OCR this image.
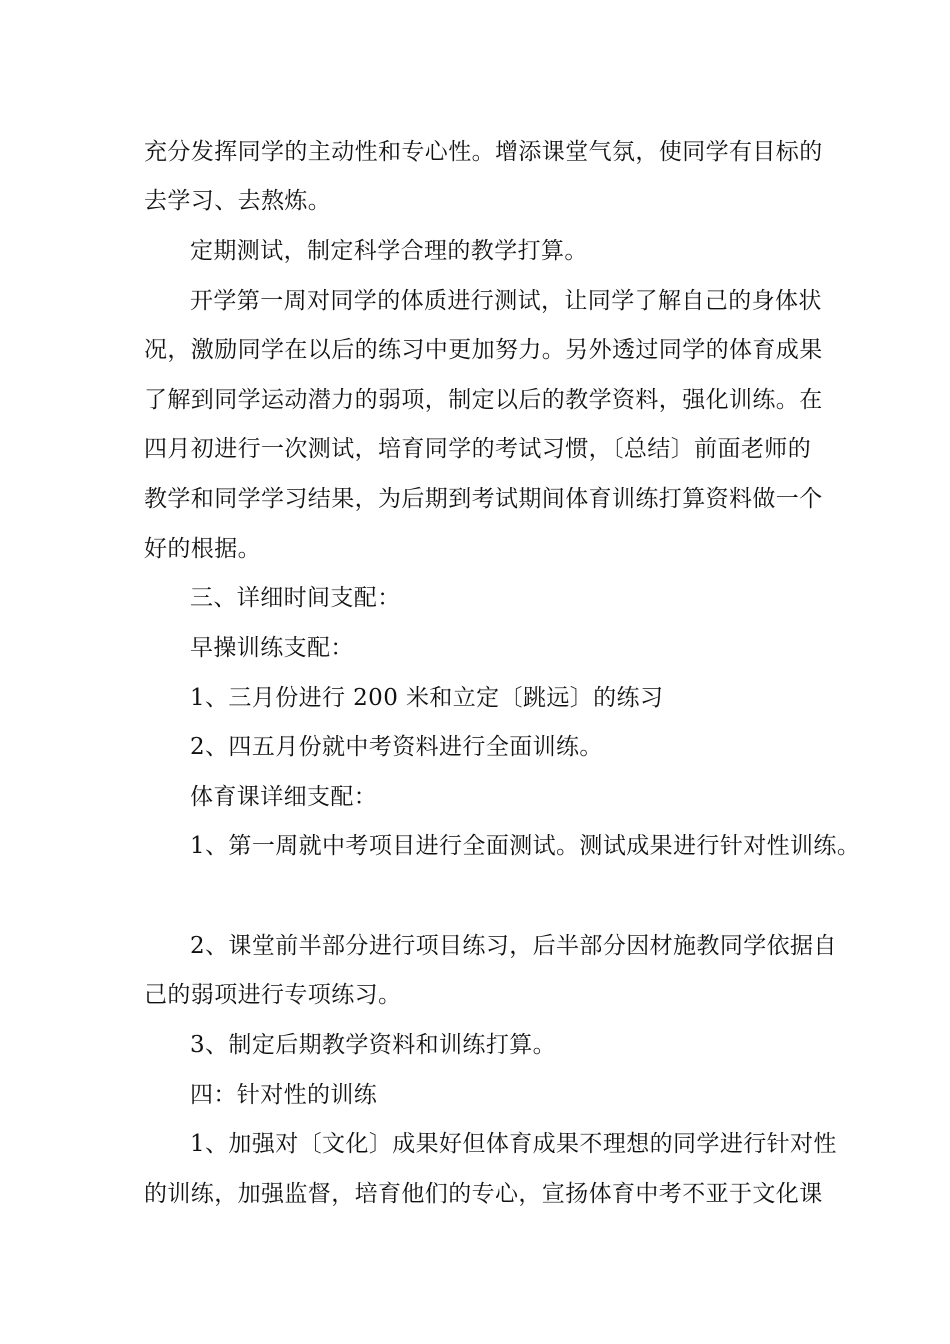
充分发挥同学的主动性和专心性。增添课堂气氛，使同学有目标的
去学习、去熬炼。
定期测试，制定科学合理的教学打算。
开学第一周对同学的体质进行测试，让同学了解自己的身体状
况，激励同学在以后的练习中更加努力。另外透过同学的体育成果
了解到同学运动潜力的弱项，制定以后的教学资料，强化训练。在
四月初进行一次测试，培育同学的考试习惯，〔总结〕前面老师的
教学和同学学习结果，为后期到考试期间体育训练打算资料做一个
好的根据。
三、详细时间支配：
早操训练支配：
1、三月份进行 200 米和立定〔跳远〕的练习
2、四五月份就中考资料进行全面训练。
体育课详细支配：
1、第一周就中考项目进行全面测试。测试成果进行针对性训练。
2、课堂前半部分进行项目练习，后半部分因材施教同学依据自
己的弱项进行专项练习。
3、制定后期教学资料和训练打算。
四：针对性的训练
1、加强对〔文化〕成果好但体育成果不理想的同学进行针对性
的训练，加强监督，培育他们的专心，宣扬体育中考不亚于文化课
